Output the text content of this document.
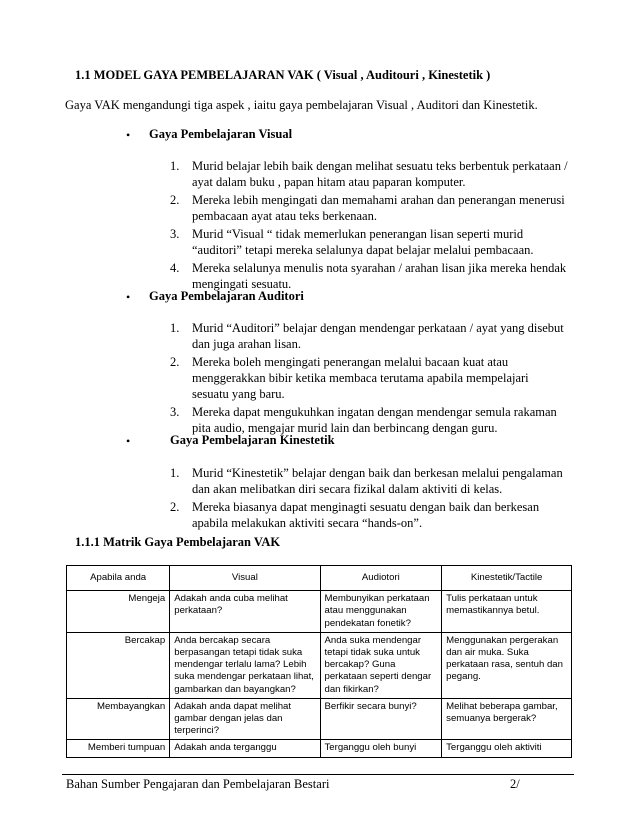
1.1 MODEL GAYA PEMBELAJARAN VAK ( Visual , Auditouri , Kinestetik )
Gaya VAK mengandungi tiga aspek , iaitu gaya pembelajaran Visual , Auditori dan Kinestetik.
• Gaya Pembelajaran Visual
1. Murid belajar lebih baik dengan melihat sesuatu teks berbentuk perkataan / ayat dalam buku , papan hitam atau paparan komputer.
2. Mereka lebih mengingati dan memahami arahan dan penerangan menerusi pembacaan ayat atau teks berkenaan.
3. Murid “Visual “ tidak memerlukan penerangan lisan seperti murid “auditori” tetapi mereka selalunya dapat belajar melalui pembacaan.
4. Mereka selalunya menulis nota syarahan / arahan lisan jika mereka hendak mengingati sesuatu.
• Gaya Pembelajaran Auditori
1. Murid “Auditori” belajar dengan mendengar perkataan / ayat yang disebut dan juga arahan lisan.
2. Mereka boleh mengingati penerangan melalui bacaan kuat atau menggerakkan bibir ketika membaca terutama apabila mempelajari sesuatu yang baru.
3. Mereka dapat mengukuhkan ingatan dengan mendengar semula rakaman pita audio, mengajar murid lain dan berbincang dengan guru.
•	Gaya Pembelajaran Kinestetik
1. Murid “Kinestetik” belajar dengan baik dan berkesan melalui pengalaman dan akan melibatkan diri secara fizikal dalam aktiviti di kelas.
2. Mereka biasanya dapat menginagti sesuatu dengan baik dan berkesan apabila melakukan aktiviti secara “hands-on”.
1.1.1 Matrik Gaya Pembelajaran VAK
Apabila anda	Visual	Audiotori	Kinestetik/Tactile
Mengeja	Adakah anda cuba melihat perkataan?	Membunyikan perkataan atau menggunakan pendekatan fonetik?	Tulis perkataan untuk memastikannya betul.
Bercakap	Anda bercakap secara berpasangan tetapi tidak suka mendengar terlalu lama? Lebih suka mendengar perkataan lihat, gambarkan dan bayangkan?	Anda suka mendengar tetapi tidak suka untuk bercakap? Guna perkataan seperti dengar dan fikirkan?	Menggunakan pergerakan dan air muka. Suka perkataan rasa, sentuh dan pegang.
Membayangkan	Adakah anda dapat melihat gambar dengan jelas dan terperinci?	Berfikir secara bunyi?	Melihat beberapa gambar, semuanya bergerak?
Memberi tumpuan	Adakah anda terganggu	Terganggu oleh bunyi	Terganggu oleh aktiviti
Bahan Sumber Pengajaran dan Pembelajaran Bestari	2/
